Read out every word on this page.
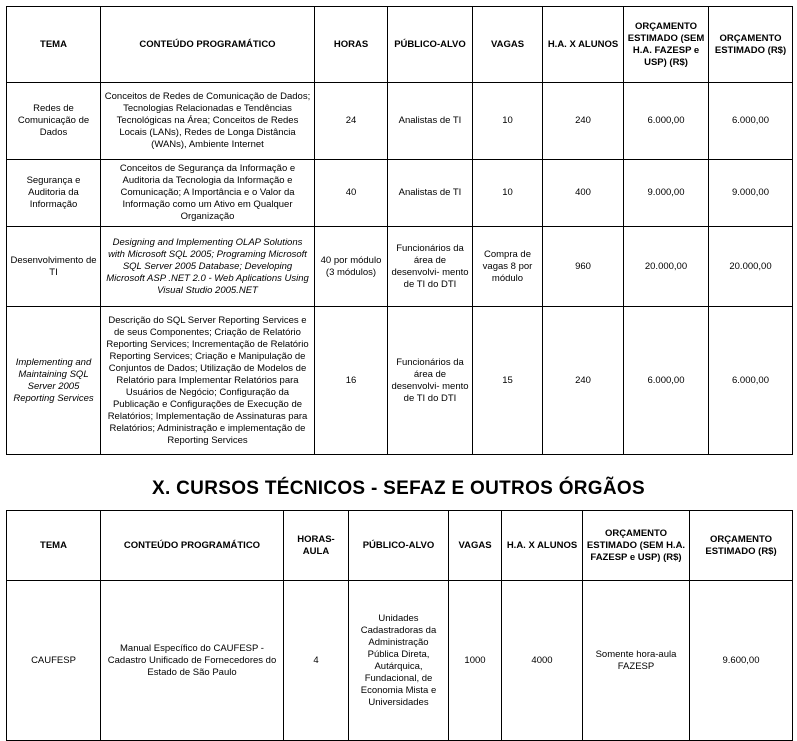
TEMA	CONTEÚDO PROGRAMÁTICO	HORAS	PÚBLICO-ALVO	VAGAS	H.A. X ALUNOS	ORÇAMENTO ESTIMADO (SEM H.A. FAZESP e USP) (R$)	ORÇAMENTO ESTIMADO (R$)
Redes de Comunicação de Dados	Conceitos de Redes de Comunicação de Dados; Tecnologias Relacionadas e Tendências Tecnológicas na Área; Conceitos de Redes Locais (LANs), Redes de Longa Distância (WANs), Ambiente Internet	24	Analistas de TI	10	240	6.000,00	6.000,00
Segurança e Auditoria da Informação	Conceitos de Segurança da Informação e Auditoria da Tecnologia da Informação e Comunicação; A Importância e o Valor da Informação como um Ativo em Qualquer Organização	40	Analistas de TI	10	400	9.000,00	9.000,00
Desenvolvimento de TI	Designing and Implementing OLAP Solutions with Microsoft SQL 2005; Programing Microsoft SQL Server 2005 Database; Developing Microsoft ASP .NET 2.0 - Web Aplications Using Visual Studio 2005.NET	40 por módulo (3 módulos)	Funcionários da área de desenvolvi- mento de TI do DTI	Compra de vagas 8 por módulo	960	20.000,00	20.000,00
Implementing and Maintaining SQL Server 2005 Reporting Services	Descrição do SQL Server Reporting Services e de seus Componentes; Criação de Relatório Reporting Services; Incrementação de Relatório Reporting Services; Criação e Manipulação de Conjuntos de Dados; Utilização de Modelos de Relatório para Implementar Relatórios para Usuários de Negócio; Configuração da Publicação e Configurações de Execução de Relatórios; Implementação de Assinaturas para Relatórios; Administração e implementação de Reporting Services	16	Funcionários da área de desenvolvi- mento de TI do DTI	15	240	6.000,00	6.000,00
X. CURSOS TÉCNICOS - SEFAZ E OUTROS ÓRGÃOS
TEMA	CONTEÚDO PROGRAMÁTICO	HORAS-AULA	PÚBLICO-ALVO	VAGAS	H.A. X ALUNOS	ORÇAMENTO ESTIMADO (SEM H.A. FAZESP e USP) (R$)	ORÇAMENTO ESTIMADO (R$)
CAUFESP	Manual Específico do CAUFESP - Cadastro Unificado de Fornecedores do Estado de São Paulo	4	Unidades Cadastradoras da Administração Pública Direta, Autárquica, Fundacional, de Economia Mista e Universidades	1000	4000	Somente hora-aula FAZESP	9.600,00
